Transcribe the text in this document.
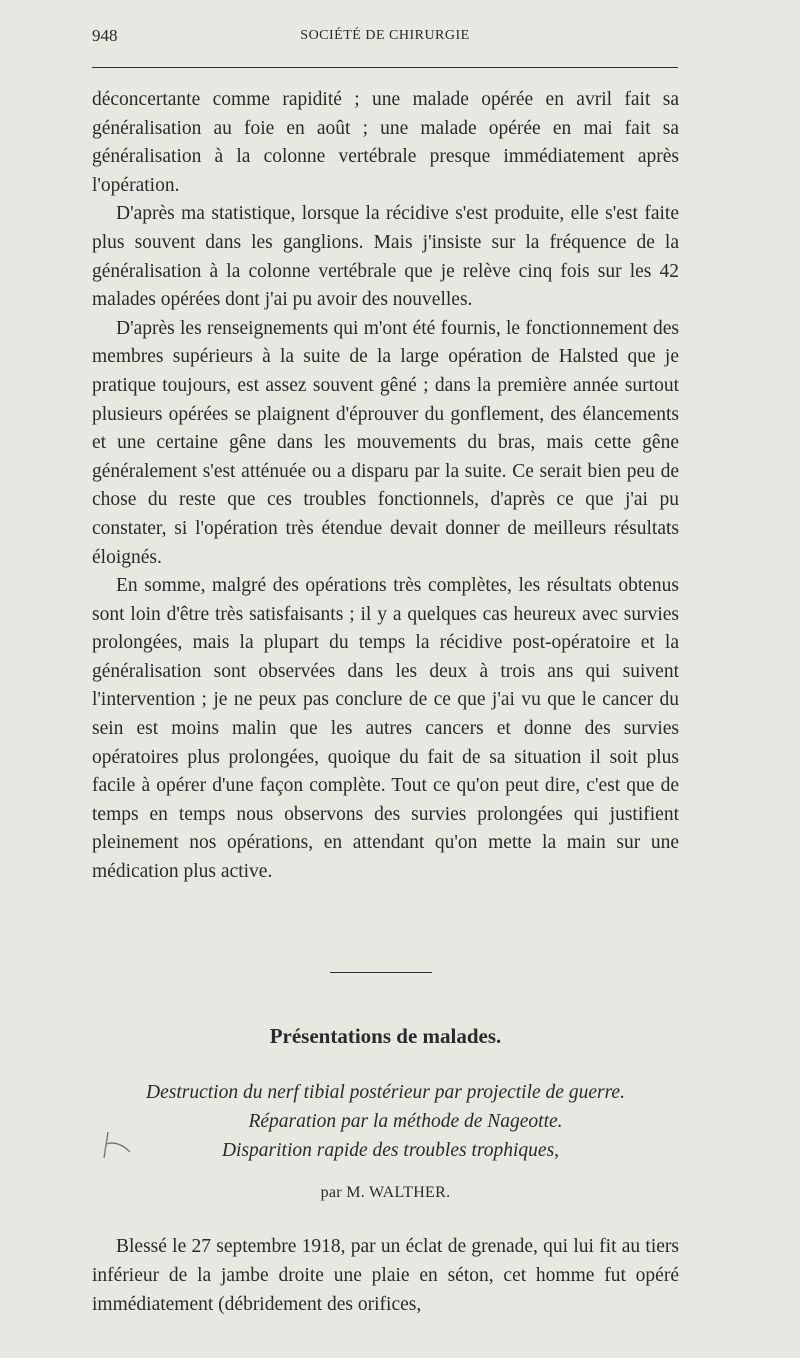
948	SOCIÉTÉ DE CHIRURGIE

déconcertante comme rapidité ; une malade opérée en avril fait sa généralisation au foie en août ; une malade opérée en mai fait sa généralisation à la colonne vertébrale presque immédiatement après l'opération.

D'après ma statistique, lorsque la récidive s'est produite, elle s'est faite plus souvent dans les ganglions. Mais j'insiste sur la fréquence de la généralisation à la colonne vertébrale que je relève cinq fois sur les 42 malades opérées dont j'ai pu avoir des nouvelles.

D'après les renseignements qui m'ont été fournis, le fonctionnement des membres supérieurs à la suite de la large opération de Halsted que je pratique toujours, est assez souvent gêné ; dans la première année surtout plusieurs opérées se plaignent d'éprouver du gonflement, des élancements et une certaine gêne dans les mouvements du bras, mais cette gêne généralement s'est atténuée ou a disparu par la suite. Ce serait bien peu de chose du reste que ces troubles fonctionnels, d'après ce que j'ai pu constater, si l'opération très étendue devait donner de meilleurs résultats éloignés.

En somme, malgré des opérations très complètes, les résultats obtenus sont loin d'être très satisfaisants ; il y a quelques cas heureux avec survies prolongées, mais la plupart du temps la récidive post-opératoire et la généralisation sont observées dans les deux à trois ans qui suivent l'intervention ; je ne peux pas conclure de ce que j'ai vu que le cancer du sein est moins malin que les autres cancers et donne des survies opératoires plus prolongées, quoique du fait de sa situation il soit plus facile à opérer d'une façon complète. Tout ce qu'on peut dire, c'est que de temps en temps nous observons des survies prolongées qui justifient pleinement nos opérations, en attendant qu'on mette la main sur une médication plus active.

Présentations de malades.
Destruction du nerf tibial postérieur par projectile de guerre.
Réparation par la méthode de Nageotte.
Disparition rapide des troubles trophiques,
par M. WALTHER.

Blessé le 27 septembre 1918, par un éclat de grenade, qui lui fit au tiers inférieur de la jambe droite une plaie en séton, cet homme fut opéré immédiatement (débridement des orifices,
